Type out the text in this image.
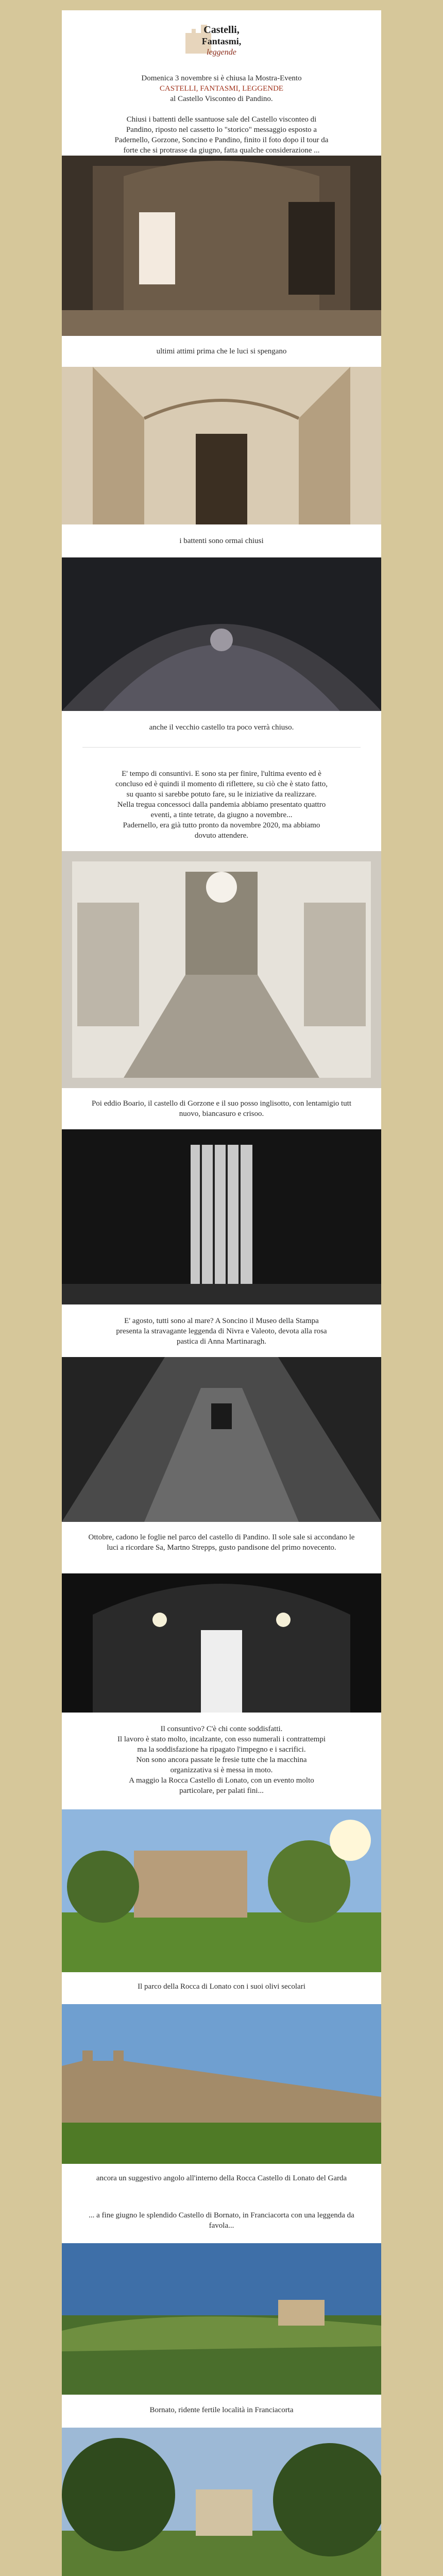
Castelli,
Fantasmi,
leggende

Domenica 3 novembre si è chiusa la Mostra-Evento

CASTELLI, FANTASMI, LEGGENDE

al Castello Visconteo di Pandino.

Chiusi i battenti delle ssantuose sale del Castello visconteo di

Pandino, riposto nel cassetto lo "storico" messaggio esposto a

Padernello, Gorzone, Soncino e Pandino, finito il foto dopo il tour da

forte che si protrasse da giugno, fatta qualche considerazione ...

ultimi attimi prima che le luci si spengano
i battenti sono ormai chiusi
anche il vecchio castello tra poco verrà chiuso.

E' tempo di consuntivi. E sono sta per finire, l'ultima evento ed è

concluso ed è quindi il momento di riflettere, su ciò che è stato fatto,

su quanto si sarebbe potuto fare, su le iniziative da realizzare.

Nella tregua concessoci dalla pandemia abbiamo presentato quattro

eventi, a tinte tetrate, da giugno a novembre...

Padernello, era già tutto pronto da novembre 2020, ma abbiamo

dovuto attendere.

Poi eddio Boario, il castello di Gorzone e il suo posso inglisotto, con lentamigio tutt nuovo, biancasuro e crisoo.

E' agosto, tutti sono al mare? A Soncino il Museo della Stampa

presenta la stravagante leggenda di Nivra e Valeoto, devota alla rosa

pastica di Anna Martinaragh.

Ottobre, cadono le foglie nel parco del castello di Pandino. Il sole sale si accondano le luci a ricordare Sa, Martno Strepps, gusto pandisone del primo novecento.

Il consuntivo? C'è chi conte soddisfatti.

Il lavoro è stato molto, incalzante, con esso numerali i contrattempi

ma la soddisfazione ha ripagato l'impegno e i sacrifici.

Non sono ancora passate le fresie tutte che la macchina

organizzativa si è messa in moto.

A maggio la Rocca Castello di Lonato, con un evento molto

particolare, per palati fini...

Il parco della Rocca di Lonato con i suoi olivi secolari
ancora un suggestivo angolo all'interno della Rocca Castello di Lonato del Garda
... a fine giugno le splendido Castello di Bornato, in Franciacorta con una leggenda da favola...
Bornato, ridente fertile località in Franciacorta
